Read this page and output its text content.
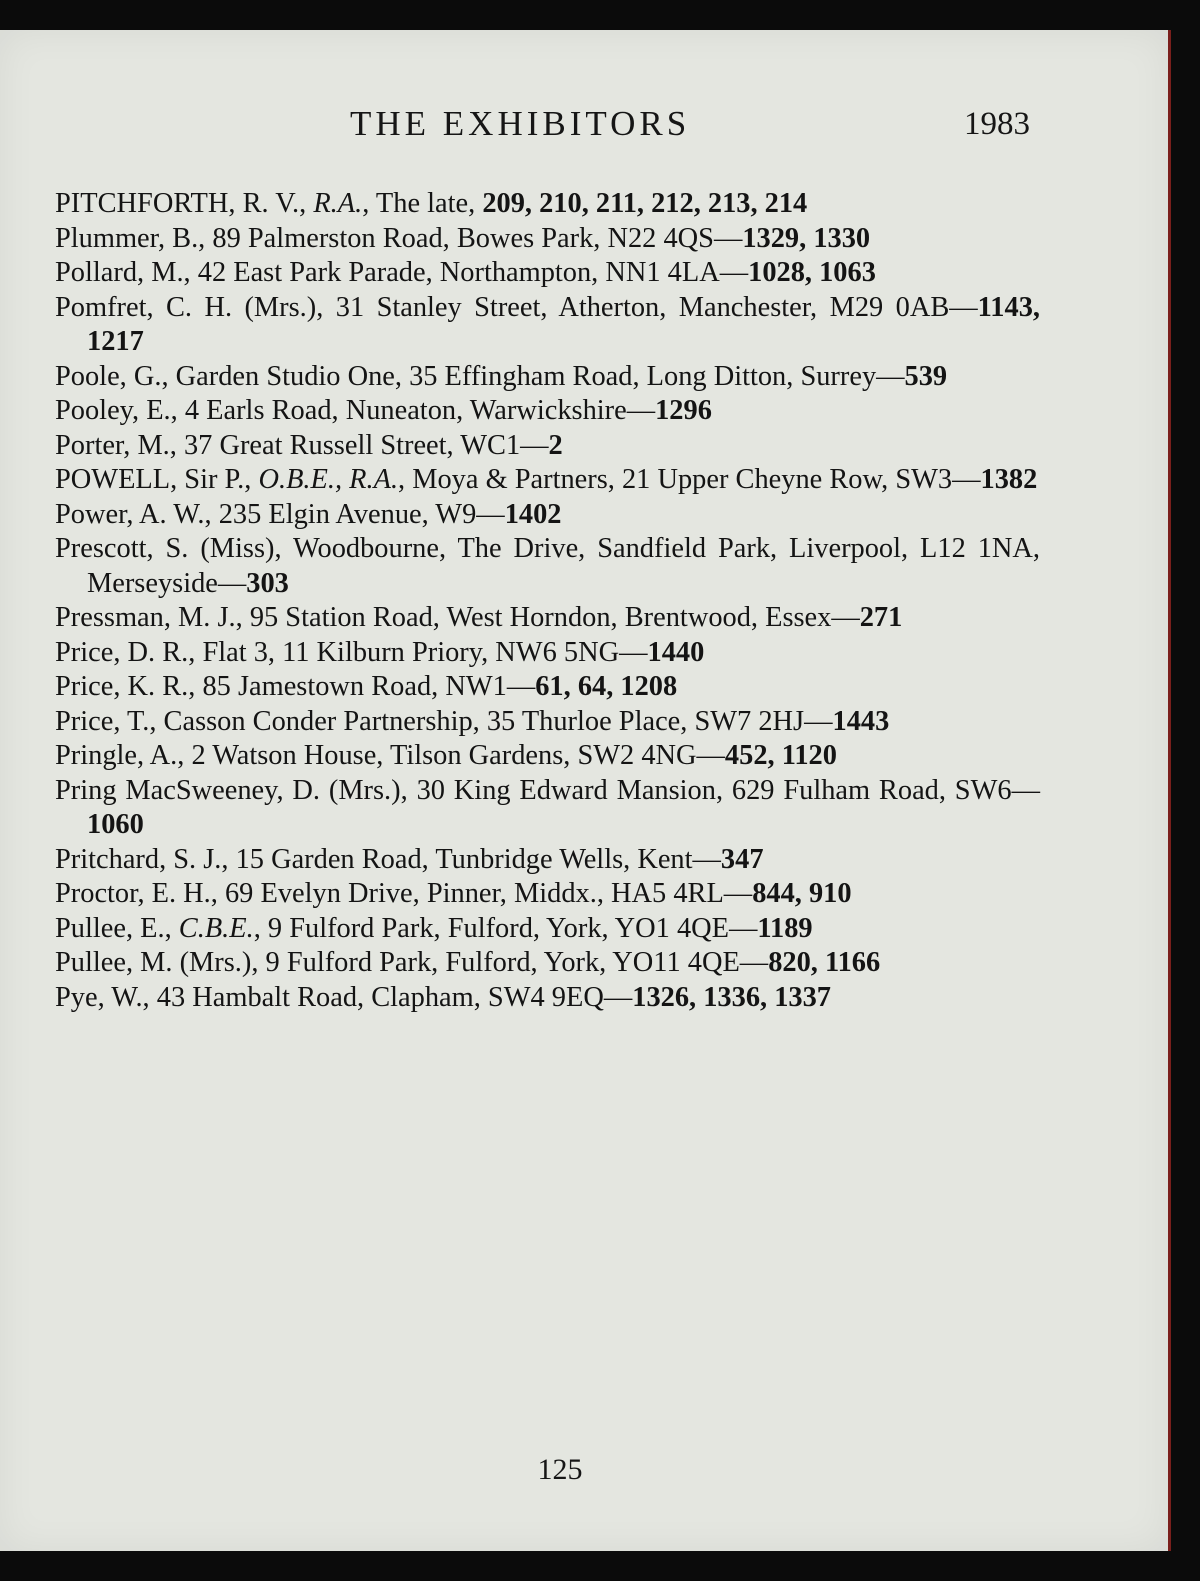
THE EXHIBITORS	1983
PITCHFORTH, R. V., R.A., The late, 209, 210, 211, 212, 213, 214
Plummer, B., 89 Palmerston Road, Bowes Park, N22 4QS—1329, 1330
Pollard, M., 42 East Park Parade, Northampton, NN1 4LA—1028, 1063
Pomfret, C. H. (Mrs.), 31 Stanley Street, Atherton, Manchester, M29 0AB—1143, 1217
Poole, G., Garden Studio One, 35 Effingham Road, Long Ditton, Surrey—539
Pooley, E., 4 Earls Road, Nuneaton, Warwickshire—1296
Porter, M., 37 Great Russell Street, WC1—2
POWELL, Sir P., O.B.E., R.A., Moya & Partners, 21 Upper Cheyne Row, SW3—1382
Power, A. W., 235 Elgin Avenue, W9—1402
Prescott, S. (Miss), Woodbourne, The Drive, Sandfield Park, Liverpool, L12 1NA, Merseyside—303
Pressman, M. J., 95 Station Road, West Horndon, Brentwood, Essex—271
Price, D. R., Flat 3, 11 Kilburn Priory, NW6 5NG—1440
Price, K. R., 85 Jamestown Road, NW1—61, 64, 1208
Price, T., Casson Conder Partnership, 35 Thurloe Place, SW7 2HJ—1443
Pringle, A., 2 Watson House, Tilson Gardens, SW2 4NG—452, 1120
Pring MacSweeney, D. (Mrs.), 30 King Edward Mansion, 629 Fulham Road, SW6—1060
Pritchard, S. J., 15 Garden Road, Tunbridge Wells, Kent—347
Proctor, E. H., 69 Evelyn Drive, Pinner, Middx., HA5 4RL—844, 910
Pullee, E., C.B.E., 9 Fulford Park, Fulford, York, YO1 4QE—1189
Pullee, M. (Mrs.), 9 Fulford Park, Fulford, York, YO11 4QE—820, 1166
Pye, W., 43 Hambalt Road, Clapham, SW4 9EQ—1326, 1336, 1337
125
